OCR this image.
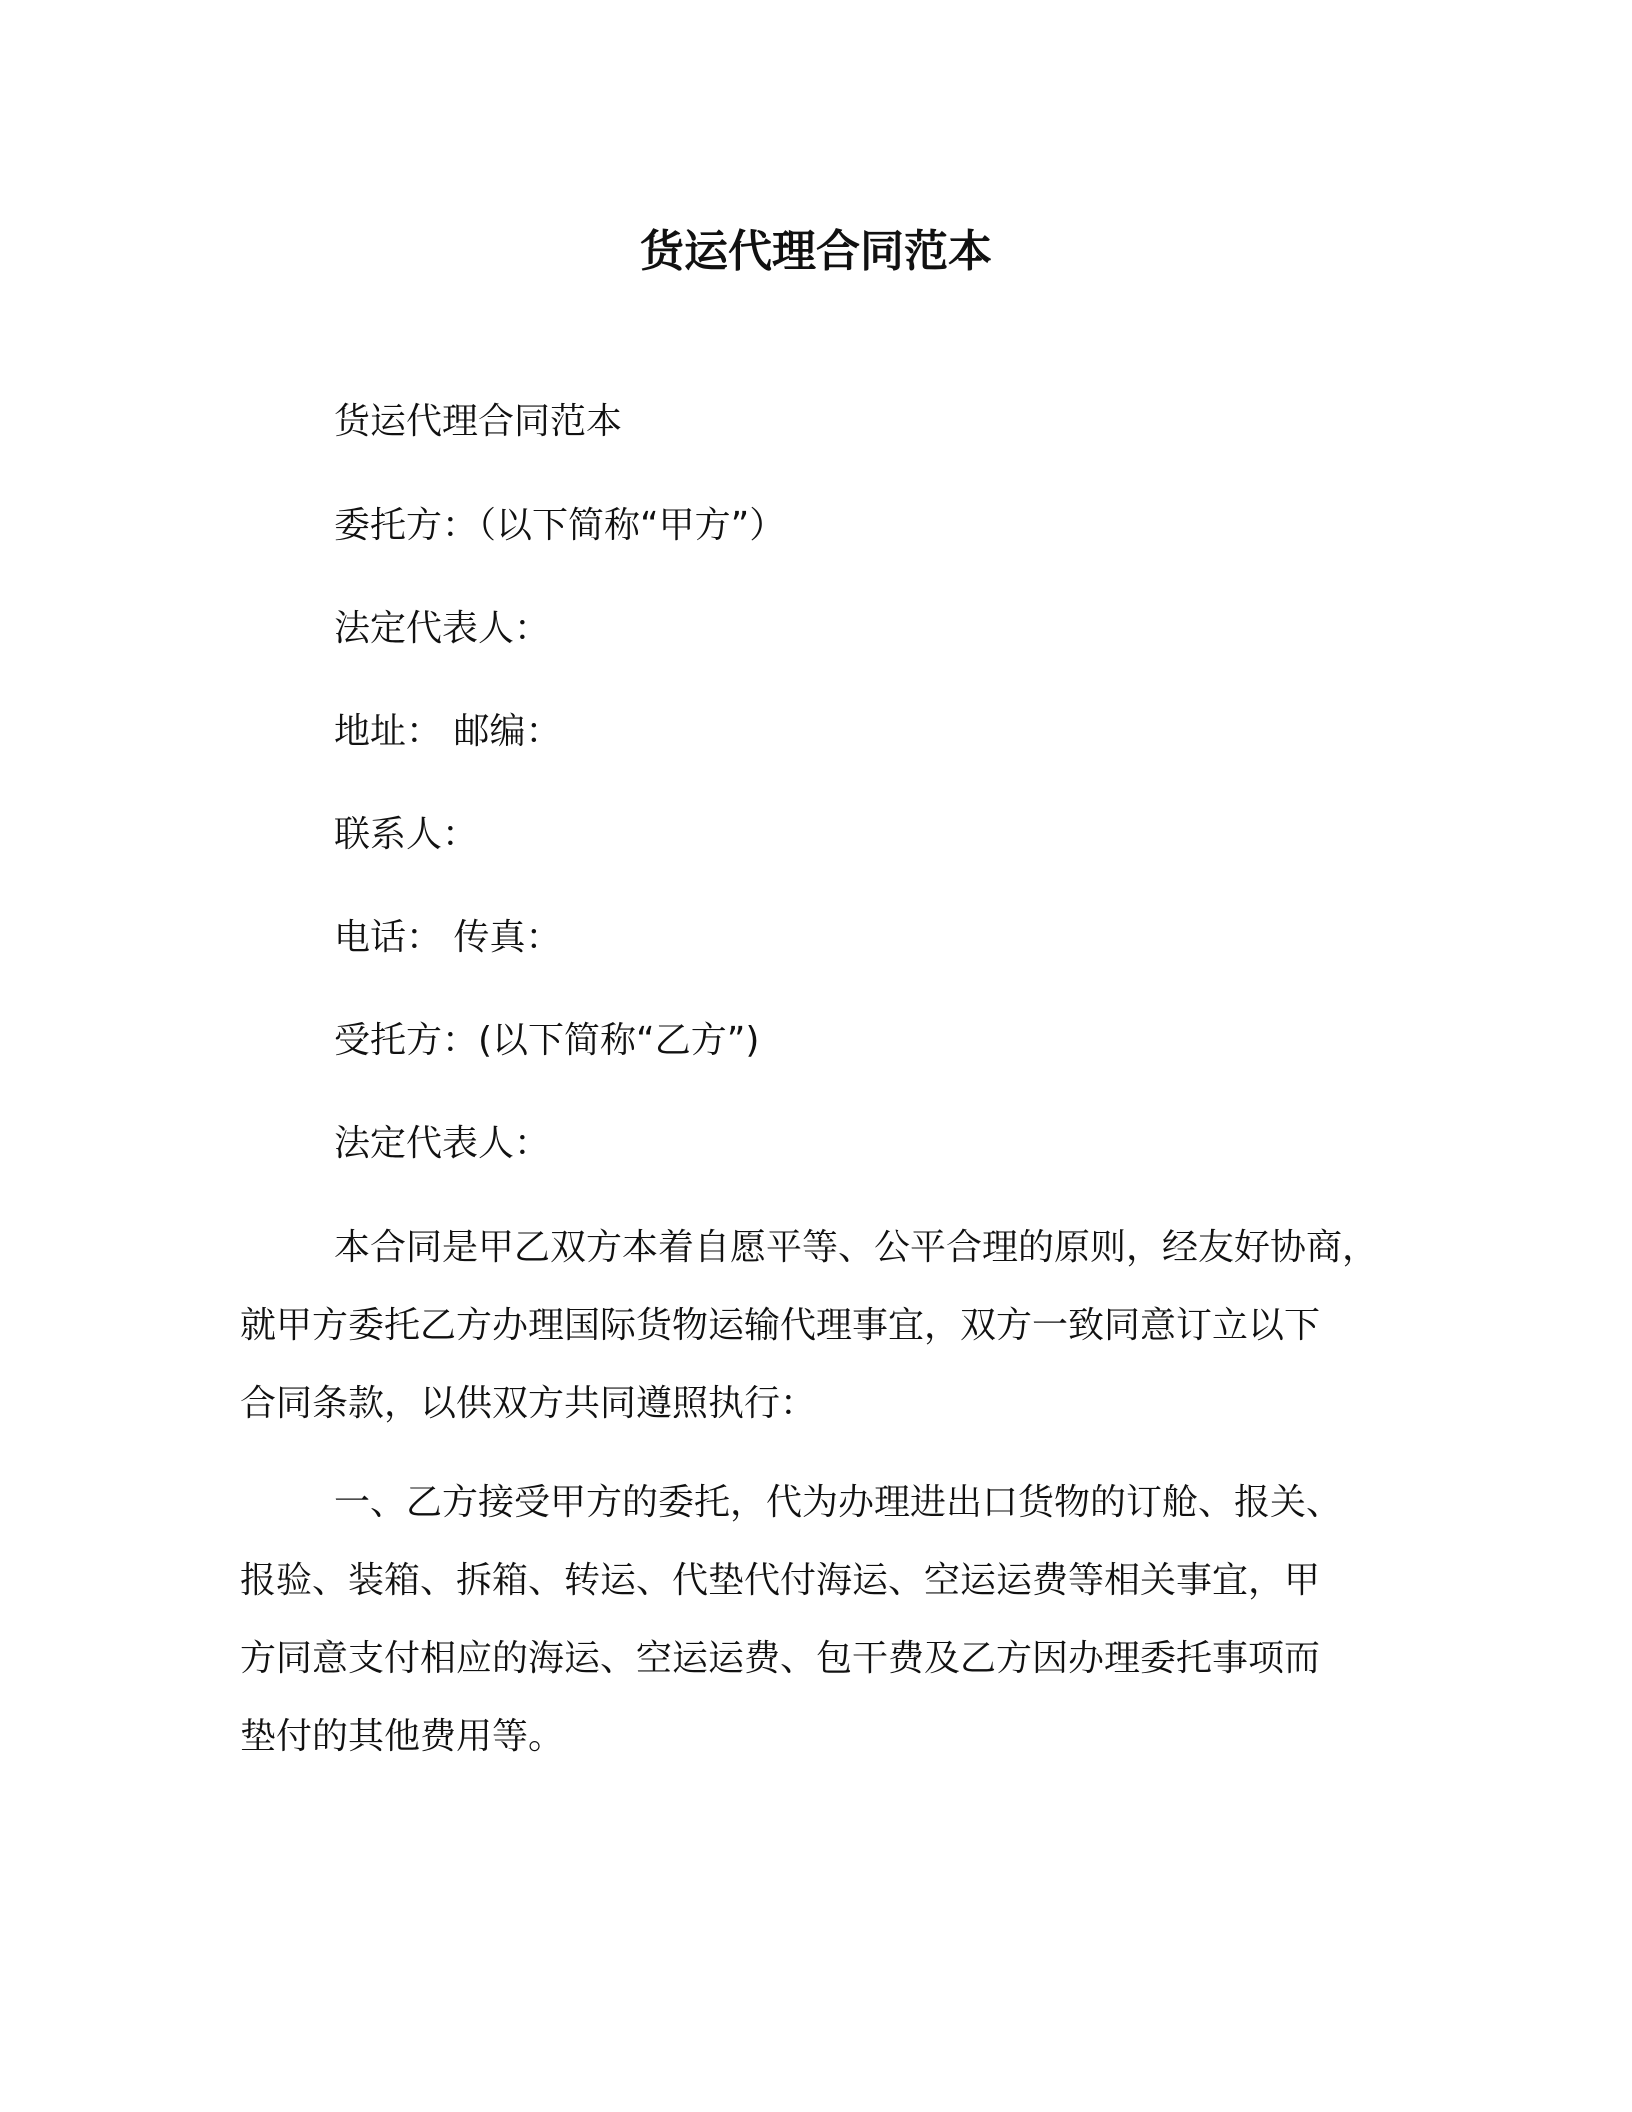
货运代理合同范本
货运代理合同范本
委托方：（以下简称“甲方”）
法定代表人：
地址： 邮编：
联系人：
电话： 传真：
受托方：(以下简称“乙方”)
法定代表人：
本合同是甲乙双方本着自愿平等、公平合理的原则，经友好协商，
就甲方委托乙方办理国际货物运输代理事宜，双方一致同意订立以下
合同条款，以供双方共同遵照执行：
一、乙方接受甲方的委托，代为办理进出口货物的订舱、报关、
报验、装箱、拆箱、转运、代垫代付海运、空运运费等相关事宜，甲
方同意支付相应的海运、空运运费、包干费及乙方因办理委托事项而
垫付的其他费用等。
